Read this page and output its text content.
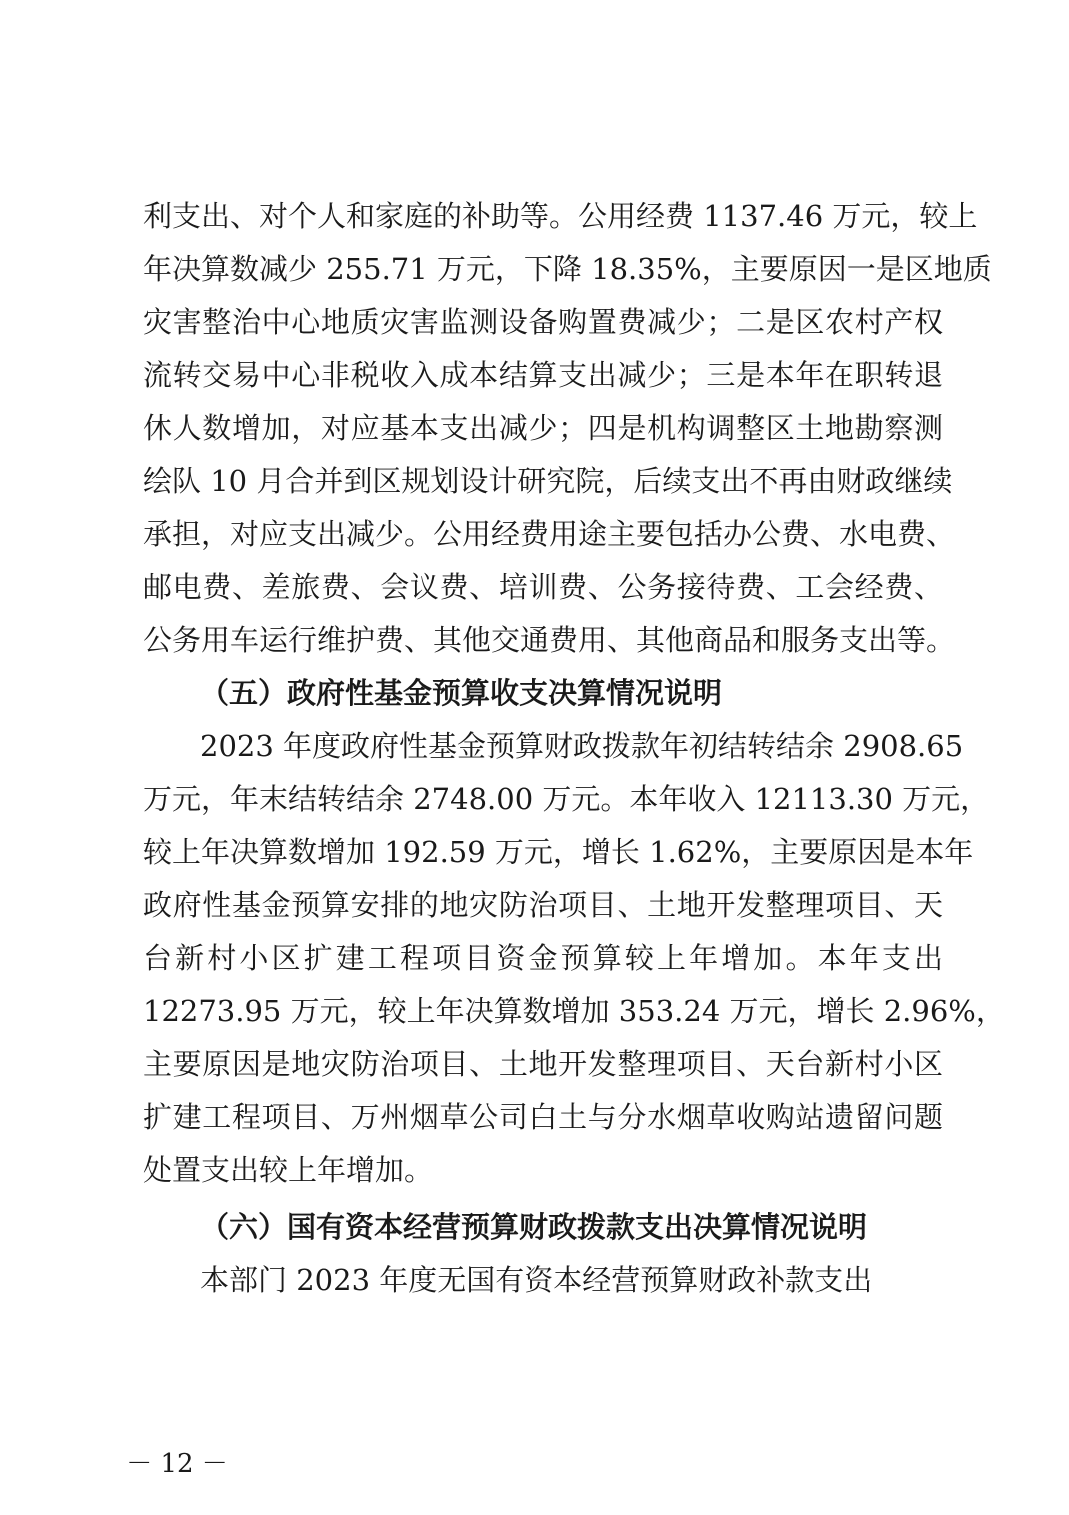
利支出、对个人和家庭的补助等。公用经费 1137.46 万元，较上
年决算数减少 255.71 万元，下降 18.35%，主要原因一是区地质
灾害整治中心地质灾害监测设备购置费减少；二是区农村产权
流转交易中心非税收入成本结算支出减少；三是本年在职转退
休人数增加，对应基本支出减少；四是机构调整区土地勘察测
绘队 10 月合并到区规划设计研究院，后续支出不再由财政继续
承担，对应支出减少。公用经费用途主要包括办公费、水电费、
邮电费、差旅费、会议费、培训费、公务接待费、工会经费、
公务用车运行维护费、其他交通费用、其他商品和服务支出等。
（五）政府性基金预算收支决算情况说明
2023 年度政府性基金预算财政拨款年初结转结余 2908.65
万元，年末结转结余 2748.00 万元。本年收入 12113.30 万元，
较上年决算数增加 192.59 万元，增长 1.62%，主要原因是本年
政府性基金预算安排的地灾防治项目、土地开发整理项目、天
台新村小区扩建工程项目资金预算较上年增加。本年支出
12273.95 万元，较上年决算数增加 353.24 万元，增长 2.96%，
主要原因是地灾防治项目、土地开发整理项目、天台新村小区
扩建工程项目、万州烟草公司白土与分水烟草收购站遗留问题
处置支出较上年增加。
（六）国有资本经营预算财政拨款支出决算情况说明
本部门 2023 年度无国有资本经营预算财政补款支出
－ 12 －
